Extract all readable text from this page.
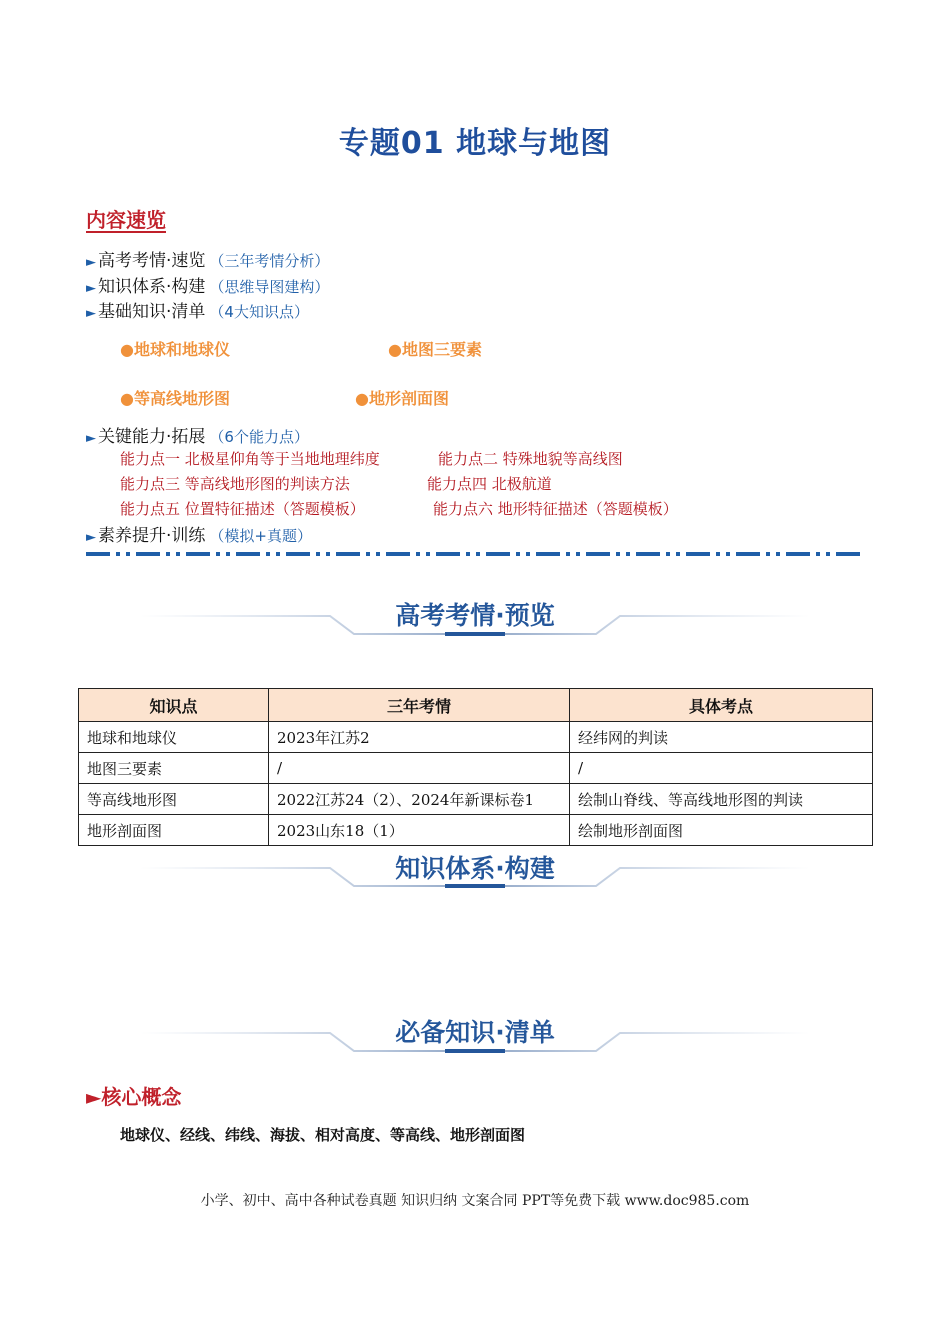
专题01 地球与地图
内容速览
► 高考考情·速览 （三年考情分析）
► 知识体系·构建 （思维导图建构）
► 基础知识·清单 （4大知识点）
●地球和地球仪	●地图三要素
●等高线地形图	●地形剖面图
► 关键能力·拓展 （6个能力点）
能力点一 北极星仰角等于当地地理纬度	能力点二 特殊地貌等高线图
能力点三 等高线地形图的判读方法	能力点四 北极航道
能力点五 位置特征描述（答题模板）	能力点六 地形特征描述（答题模板）
► 素养提升·训练 （模拟+真题）
高考考情·预览
知识点	三年考情	具体考点
地球和地球仪	2023年江苏2	经纬网的判读
地图三要素	/	/
等高线地形图	2022江苏24（2）、2024年新课标卷1	绘制山脊线、等高线地形图的判读
地形剖面图	2023山东18（1）	绘制地形剖面图
知识体系·构建
必备知识·清单
►核心概念
地球仪、经线、纬线、海拔、相对高度、等高线、地形剖面图
小学、初中、高中各种试卷真题 知识归纳 文案合同 PPT等免费下载 www.doc985.com
